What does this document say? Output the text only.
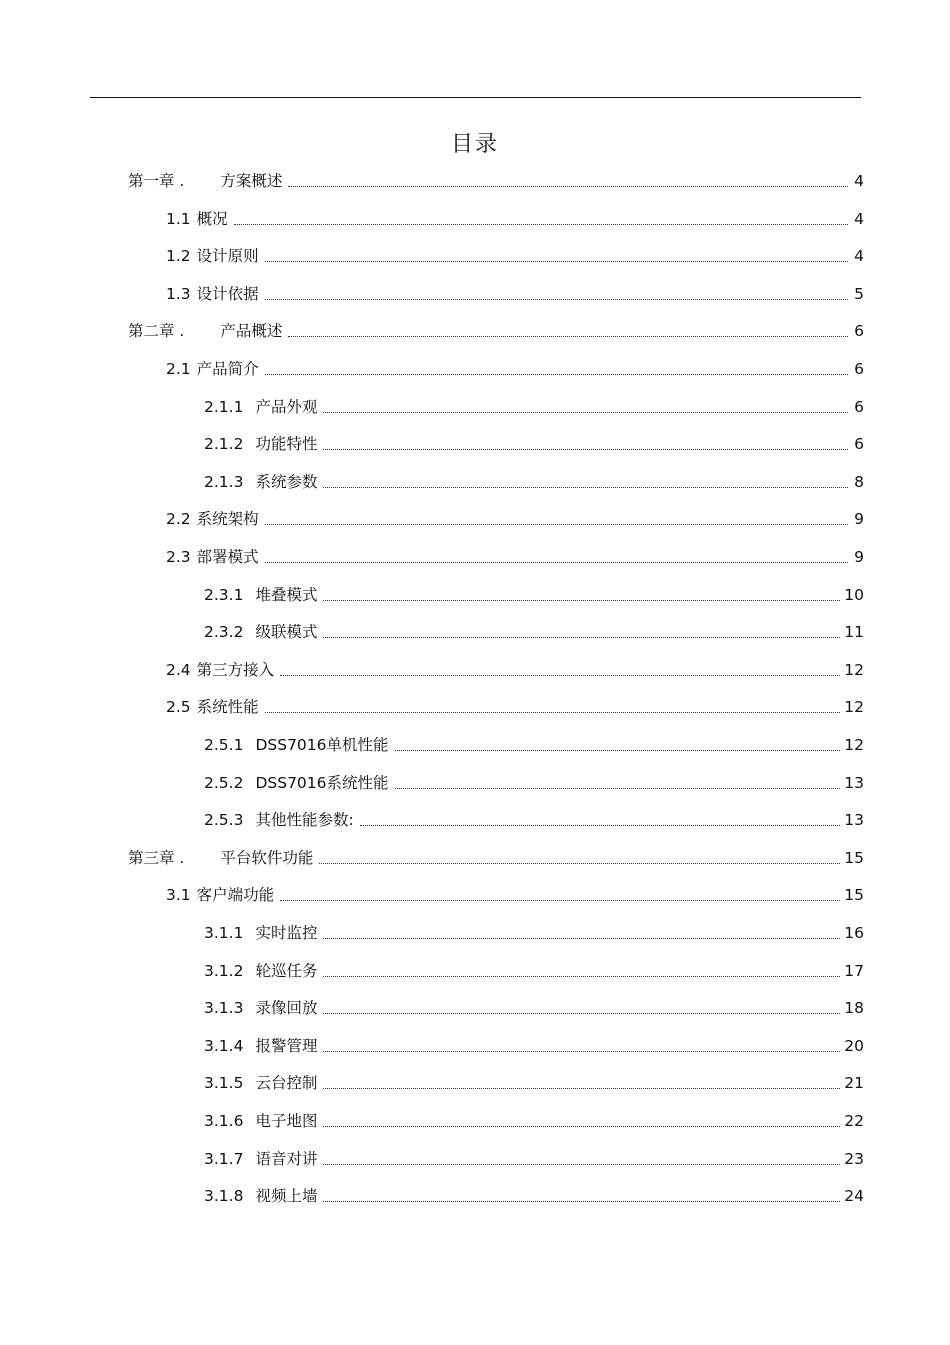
目录
第一章 . 方案概述	4
1.1 概况	4
1.2 设计原则	4
1.3 设计依据	5
第二章 . 产品概述	6
2.1 产品简介	6
2.1.1 产品外观	6
2.1.2 功能特性	6
2.1.3 系统参数	8
2.2 系统架构	9
2.3 部署模式	9
2.3.1 堆叠模式	10
2.3.2 级联模式	11
2.4 第三方接入	12
2.5 系统性能	12
2.5.1 DSS7016单机性能	12
2.5.2 DSS7016系统性能	13
2.5.3 其他性能参数:	13
第三章 . 平台软件功能	15
3.1 客户端功能	15
3.1.1 实时监控	16
3.1.2 轮巡任务	17
3.1.3 录像回放	18
3.1.4 报警管理	20
3.1.5 云台控制	21
3.1.6 电子地图	22
3.1.7 语音对讲	23
3.1.8 视频上墙	24
